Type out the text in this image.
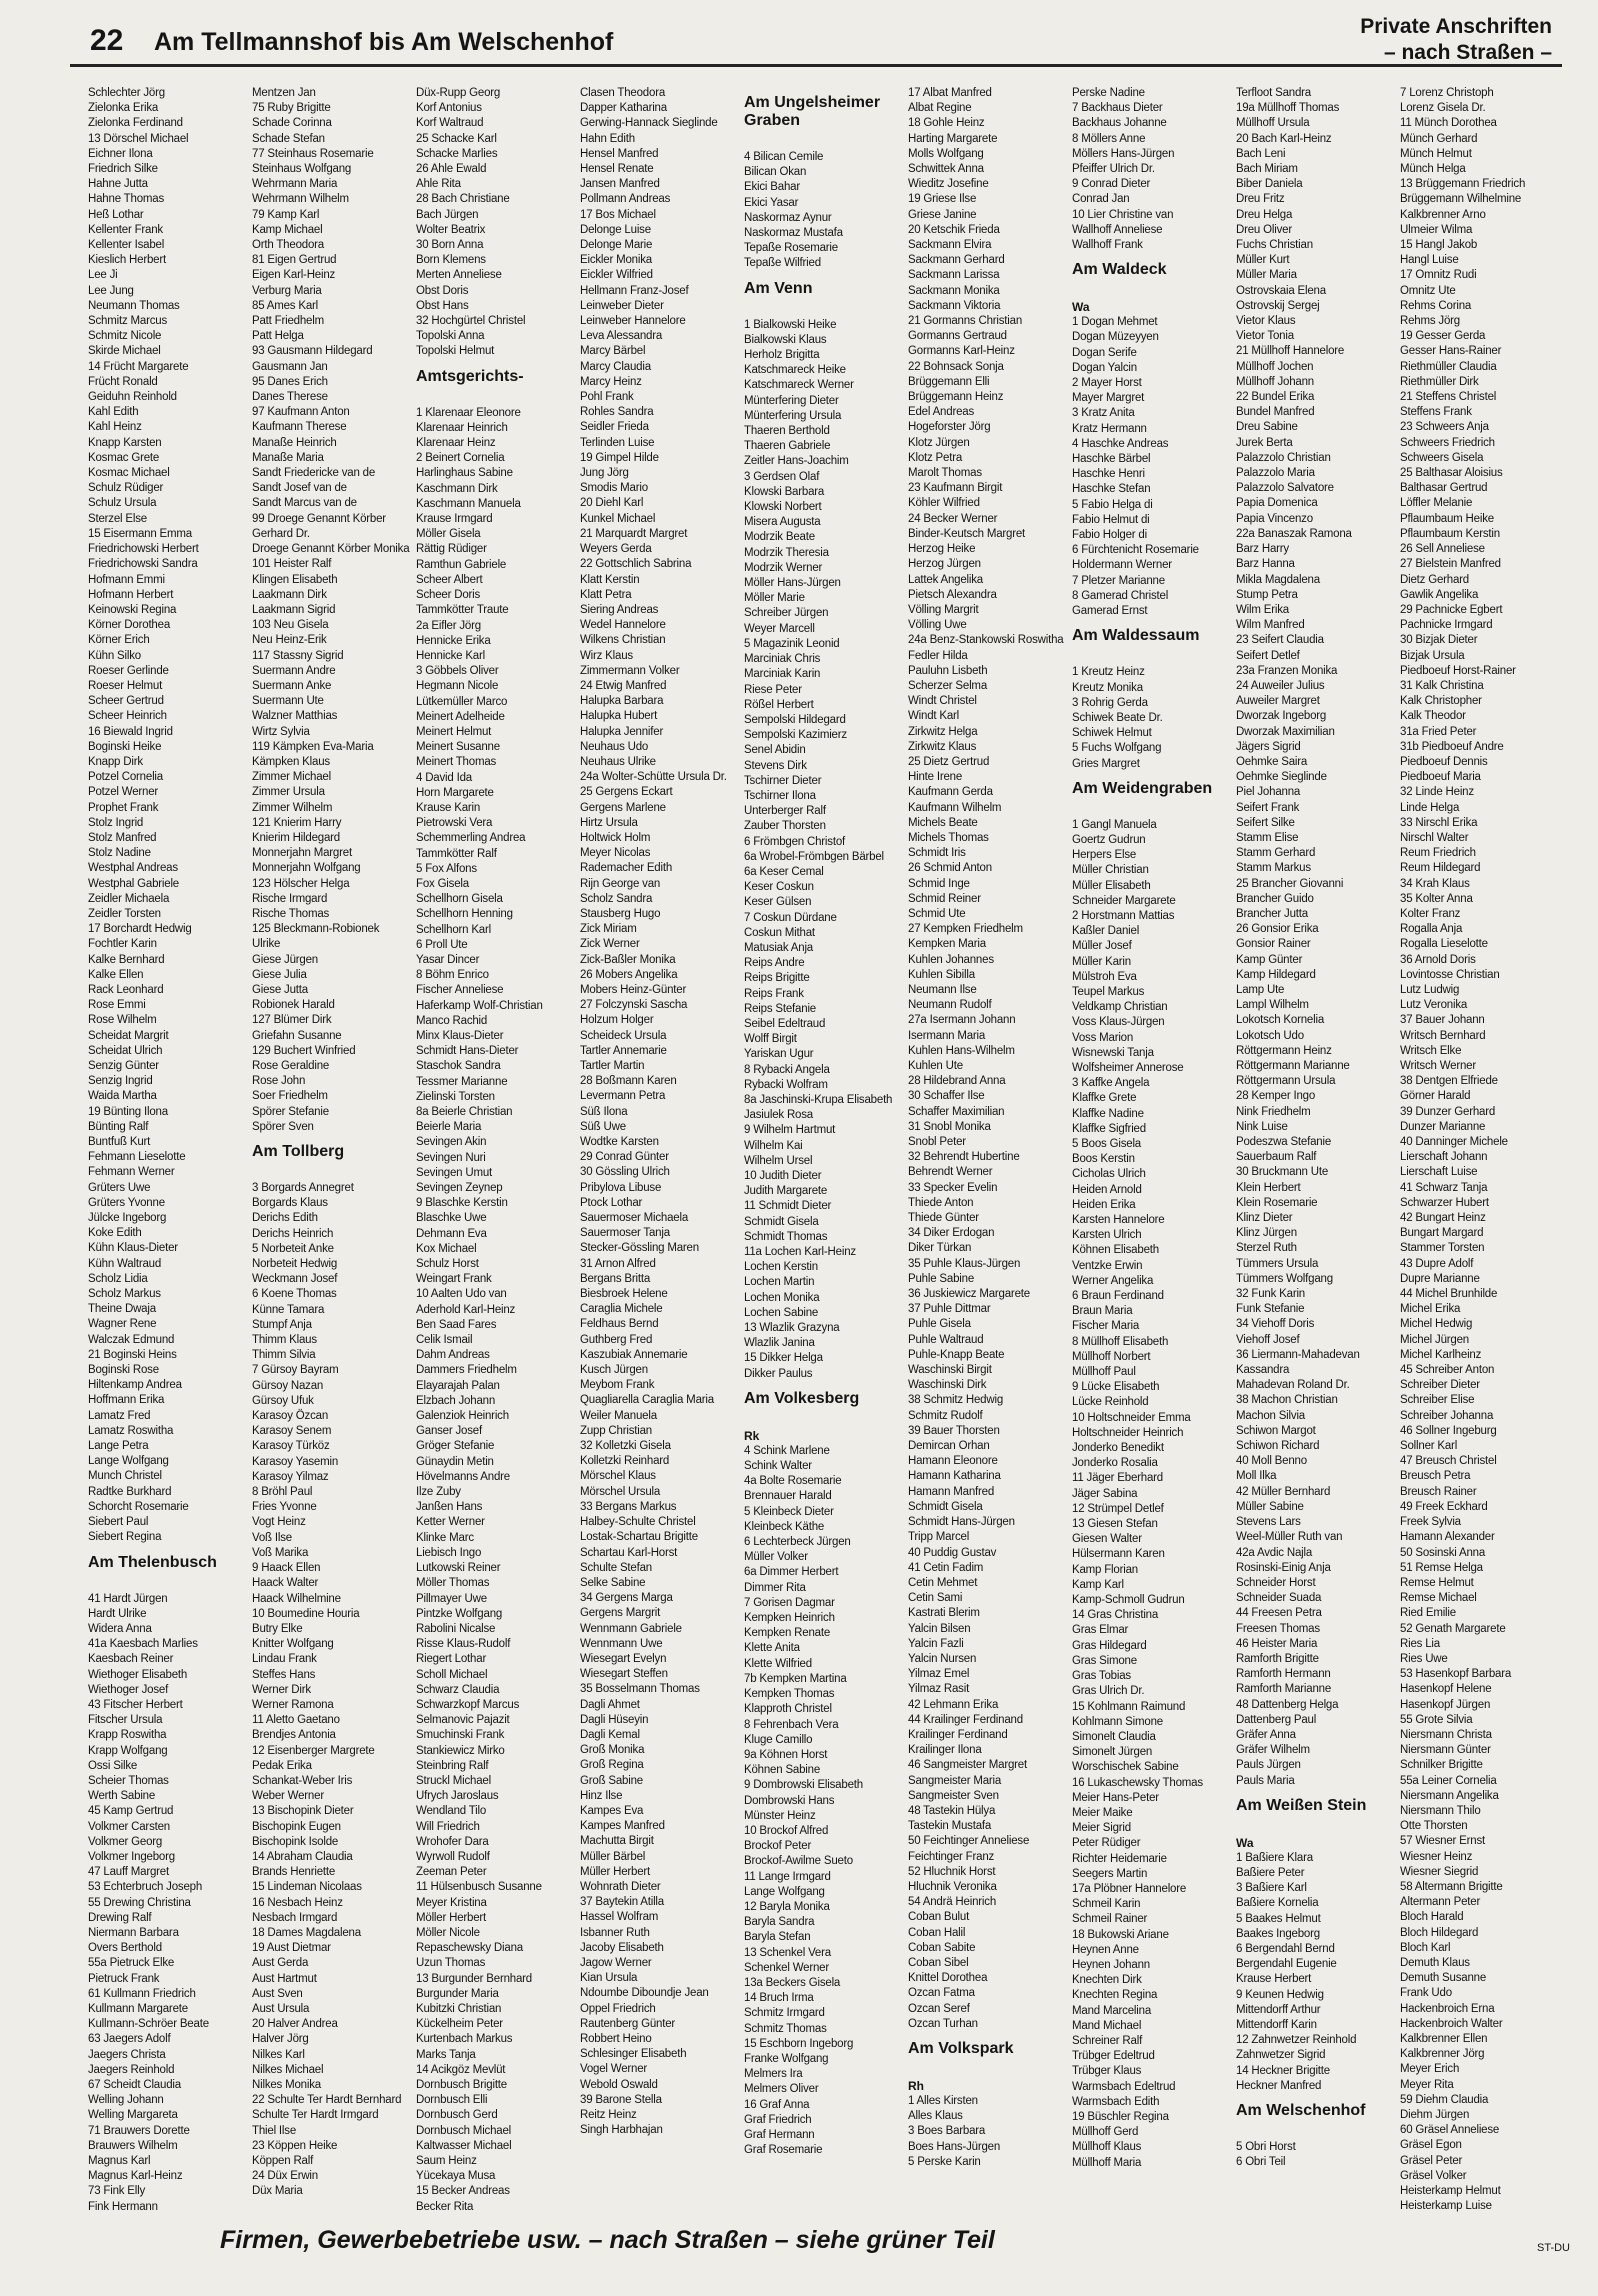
22 Am Tellmannshof bis Am Welschenhof
Private Anschriften
– nach Straßen –
Schlechter Jörg
Zielonka Erika
Zielonka Ferdinand
13 Dörschel Michael
Eichner Ilona
Friedrich Silke
Hahne Jutta
Hahne Thomas
Heß Lothar
Kellenter Frank
Kellenter Isabel
Kieslich Herbert
Lee Ji
Lee Jung
Neumann Thomas
Schmitz Marcus
Schmitz Nicole
Skirde Michael
14 Frücht Margarete
Frücht Ronald
Geiduhn Reinhold
Kahl Edith
Kahl Heinz
Knapp Karsten
Kosmac Grete
Kosmac Michael
Schulz Rüdiger
Schulz Ursula
Sterzel Else
15 Eisermann Emma
Friedrichowski Herbert
Friedrichowski Sandra
Hofmann Emmi
Hofmann Herbert
Keinowski Regina
Körner Dorothea
Körner Erich
Kühn Silko
Roeser Gerlinde
Roeser Helmut
Scheer Gertrud
Scheer Heinrich
16 Biewald Ingrid
Boginski Heike
Knapp Dirk
Potzel Cornelia
Potzel Werner
Prophet Frank
Stolz Ingrid
Stolz Manfred
Stolz Nadine
Westphal Andreas
Westphal Gabriele
Zeidler Michaela
Zeidler Torsten
17 Borchardt Hedwig
Fochtler Karin
Kalke Bernhard
Kalke Ellen
Rack Leonhard
Rose Emmi
Rose Wilhelm
Scheidat Margrit
Scheidat Ulrich
Senzig Günter
Senzig Ingrid
Waida Martha
19 Bünting Ilona
Bünting Ralf
Buntfuß Kurt
Fehmann Lieselotte
Fehmann Werner
Grüters Uwe
Grüters Yvonne
Jülcke Ingeborg
Koke Edith
Kühn Klaus-Dieter
Kühn Waltraud
Scholz Lidia
Scholz Markus
Theine Dwaja
Wagner Rene
Walczak Edmund
21 Boginski Heins
Boginski Rose
Hiltenkamp Andrea
Hoffmann Erika
Lamatz Fred
Lamatz Roswitha
Lange Petra
Lange Wolfgang
Munch Christel
Radtke Burkhard
Schorcht Rosemarie
Siebert Paul
Siebert Regina
Am Thelenbusch
41 Hardt Jürgen
Hardt Ulrike
Widera Anna
41a Kaesbach Marlies
Kaesbach Reiner
Wiethoger Elisabeth
Wiethoger Josef
43 Fitscher Herbert
Fitscher Ursula
Krapp Roswitha
Krapp Wolfgang
Ossi Silke
Scheier Thomas
Werth Sabine
45 Kamp Gertrud
Volkmer Carsten
Volkmer Georg
Volkmer Ingeborg
47 Lauff Margret
53 Echterbruch Joseph
55 Drewing Christina
Drewing Ralf
Niermann Barbara
Overs Berthold
55a Pietruck Elke
Pietruck Frank
61 Kullmann Friedrich
Kullmann Margarete
Kullmann-Schröer Beate
63 Jaegers Adolf
Jaegers Christa
Jaegers Reinhold
67 Scheidt Claudia
Welling Johann
Welling Margareta
71 Brauwers Dorette
Brauwers Wilhelm
Magnus Karl
Magnus Karl-Heinz
73 Fink Elly
Fink Hermann
Mentzen Jan
75 Ruby Brigitte
Schade Corinna
Schade Stefan
77 Steinhaus Rosemarie
Steinhaus Wolfgang
Wehrmann Maria
Wehrmann Wilhelm
79 Kamp Karl
Kamp Michael
Orth Theodora
81 Eigen Gertrud
Eigen Karl-Heinz
Verburg Maria
85 Ames Karl
Patt Friedhelm
Patt Helga
93 Gausmann Hildegard
Gausmann Jan
95 Danes Erich
Danes Therese
97 Kaufmann Anton
Kaufmann Therese
Manaße Heinrich
Manaße Maria
Sandt Friedericke van de
Sandt Josef van de
Sandt Marcus van de
99 Droege Genannt Körber Gerhard Dr.
Droege Genannt Körber Monika
101 Heister Ralf
Klingen Elisabeth
Laakmann Dirk
Laakmann Sigrid
103 Neu Gisela
Neu Heinz-Erik
117 Stassny Sigrid
Suermann Andre
Suermann Anke
Suermann Ute
Walzner Matthias
Wirtz Sylvia
119 Kämpken Eva-Maria
Kämpken Klaus
Zimmer Michael
Zimmer Ursula
Zimmer Wilhelm
121 Knierim Harry
Knierim Hildegard
Monnerjahn Margret
Monnerjahn Wolfgang
123 Hölscher Helga
Rische Irmgard
Rische Thomas
125 Bleckmann-Robionek Ulrike
Giese Jürgen
Giese Julia
Giese Jutta
Robionek Harald
127 Blümer Dirk
Griefahn Susanne
129 Buchert Winfried
Rose Geraldine
Rose John
Soer Friedhelm
Spörer Stefanie
Spörer Sven
Am Tollberg
3 Borgards Annegret
Borgards Klaus
Derichs Edith
Derichs Heinrich
5 Norbeteit Anke
Norbeteit Hedwig
Weckmann Josef
6 Koene Thomas
Künne Tamara
Stumpf Anja
Thimm Klaus
Thimm Silvia
7 Gürsoy Bayram
Gürsoy Nazan
Gürsoy Ufuk
Karasoy Özcan
Karasoy Senem
Karasoy Türköz
Karasoy Yasemin
Karasoy Yilmaz
8 Bröhl Paul
Fries Yvonne
Vogt Heinz
Voß Ilse
Voß Marika
9 Haack Ellen
Haack Walter
Haack Wilhelmine
10 Boumedine Houria
Butry Elke
Knitter Wolfgang
Lindau Frank
Steffes Hans
Werner Dirk
Werner Ramona
11 Aletto Gaetano
Brendjes Antonia
12 Eisenberger Margrete
Pedak Erika
Schankat-Weber Iris
Weber Werner
13 Bischopink Dieter
Bischopink Eugen
Bischopink Isolde
14 Abraham Claudia
Brands Henriette
15 Lindeman Nicolaas
16 Nesbach Heinz
Nesbach Irmgard
18 Dames Magdalena
19 Aust Dietmar
Aust Gerda
Aust Hartmut
Aust Sven
Aust Ursula
20 Halver Andrea
Halver Jörg
Nilkes Karl
Nilkes Michael
Nilkes Monika
22 Schulte Ter Hardt Bernhard
Schulte Ter Hardt Irmgard
Thiel Ilse
23 Köppen Heike
Köppen Ralf
24 Düx Erwin
Düx Maria
Düx-Rupp Georg
Korf Antonius
Korf Waltraud
25 Schacke Karl
Schacke Marlies
26 Ahle Ewald
Ahle Rita
28 Bach Christiane
Bach Jürgen
Wolter Beatrix
30 Born Anna
Born Klemens
Merten Anneliese
Obst Doris
Obst Hans
32 Hochgürtel Christel
Topolski Anna
Topolski Helmut
Amtsgerichts-
1 Klarenaar Eleonore
Klarenaar Heinrich
Klarenaar Heinz
2 Beinert Cornelia
Harlinghaus Sabine
Kaschmann Dirk
Kaschmann Manuela
Krause Irmgard
Möller Gisela
Rättig Rüdiger
Ramthun Gabriele
Scheer Albert
Scheer Doris
Tammkötter Traute
2a Eifler Jörg
Hennicke Erika
Hennicke Karl
3 Göbbels Oliver
Hegmann Nicole
Lütkemüller Marco
Meinert Adelheide
Meinert Helmut
Meinert Susanne
Meinert Thomas
4 David Ida
Horn Margarete
Krause Karin
Pietrowski Vera
Schemmerling Andrea
Tammkötter Ralf
5 Fox Alfons
Fox Gisela
Schellhorn Gisela
Schellhorn Henning
Schellhorn Karl
6 Proll Ute
Yasar Dincer
8 Böhm Enrico
Fischer Anneliese
Haferkamp Wolf-Christian
Manco Rachid
Minx Klaus-Dieter
Schmidt Hans-Dieter
Staschok Sandra
Tessmer Marianne
Zielinski Torsten
8a Beierle Christian
Beierle Maria
Sevingen Akin
Sevingen Nuri
Sevingen Umut
Sevingen Zeynep
9 Blaschke Kerstin
Blaschke Uwe
Dehmann Eva
Kox Michael
Schulz Horst
Weingart Frank
10 Aalten Udo van
Aderhold Karl-Heinz
Ben Saad Fares
Celik Ismail
Dahm Andreas
Dammers Friedhelm
Elayarajah Palan
Elzbach Johann
Galenziok Heinrich
Ganser Josef
Gröger Stefanie
Günaydin Metin
Hövelmanns Andre
Ilze Zuby
Janßen Hans
Ketter Werner
Klinke Marc
Liebisch Ingo
Lutkowski Reiner
Möller Thomas
Pillmayer Uwe
Pintzke Wolfgang
Rabolini Nicalse
Risse Klaus-Rudolf
Riegert Lothar
Scholl Michael
Schwarz Claudia
Schwarzkopf Marcus
Selmanovic Pajazit
Smuchinski Frank
Stankiewicz Mirko
Steinbring Ralf
Struckl Michael
Ufrych Jaroslaus
Wendland Tilo
Will Friedrich
Wrohofer Dara
Wyrwoll Rudolf
Zeeman Peter
11 Hülsenbusch Susanne
Meyer Kristina
Möller Herbert
Möller Nicole
Repaschewsky Diana
Uzun Thomas
13 Burgunder Bernhard
Burgunder Maria
Kubitzki Christian
Kückelheim Peter
Kurtenbach Markus
Marks Tanja
14 Acikgöz Mevlüt
Dornbusch Brigitte
Dornbusch Elli
Dornbusch Gerd
Dornbusch Michael
Kaltwasser Michael
Saum Heinz
Yücekaya Musa
15 Becker Andreas
Becker Rita
Clasen Theodora
Dapper Katharina
Gerwing-Hannack Sieglinde
Hahn Edith
Hensel Manfred
Hensel Renate
Jansen Manfred
Pollmann Andreas
17 Bos Michael
Delonge Luise
Delonge Marie
Eickler Monika
Eickler Wilfried
Hellmann Franz-Josef
Leinweber Dieter
Leinweber Hannelore
Leva Alessandra
Marcy Bärbel
Marcy Claudia
Marcy Heinz
Pohl Frank
Rohles Sandra
Seidler Frieda
Terlinden Luise
19 Gimpel Hilde
Jung Jörg
Smodis Mario
20 Diehl Karl
Kunkel Michael
21 Marquardt Margret
Weyers Gerda
22 Gottschlich Sabrina
Klatt Kerstin
Klatt Petra
Siering Andreas
Wedel Hannelore
Wilkens Christian
Wirz Klaus
Zimmermann Volker
24 Etwig Manfred
Halupka Barbara
Halupka Hubert
Halupka Jennifer
Neuhaus Udo
Neuhaus Ulrike
24a Wolter-Schütte Ursula Dr.
25 Gergens Eckart
Gergens Marlene
Hirtz Ursula
Holtwick Holm
Meyer Nicolas
Rademacher Edith
Rijn George van
Scholz Sandra
Stausberg Hugo
Zick Miriam
Zick Werner
Zick-Baßler Monika
26 Mobers Angelika
Mobers Heinz-Günter
27 Folczynski Sascha
Holzum Holger
Scheideck Ursula
Tartler Annemarie
Tartler Martin
28 Boßmann Karen
Levermann Petra
Süß Ilona
Süß Uwe
Wodtke Karsten
29 Conrad Günter
30 Gössling Ulrich
Pribylova Libuse
Ptock Lothar
Sauermoser Michaela
Sauermoser Tanja
Stecker-Gössling Maren
31 Arnon Alfred
Bergans Britta
Biesbroek Helene
Caraglia Michele
Feldhaus Bernd
Guthberg Fred
Kaszubiak Annemarie
Kusch Jürgen
Meybom Frank
Quagliarella Caraglia Maria
Weiler Manuela
Zupp Christian
32 Kolletzki Gisela
Kolletzki Reinhard
Mörschel Klaus
Mörschel Ursula
33 Bergans Markus
Halbey-Schulte Christel
Lostak-Schartau Brigitte
Schartau Karl-Horst
Schulte Stefan
Selke Sabine
34 Gergens Marga
Gergens Margrit
Wennmann Gabriele
Wennmann Uwe
Wiesegart Evelyn
Wiesegart Steffen
35 Bosselmann Thomas
Dagli Ahmet
Dagli Hüseyin
Dagli Kemal
Groß Monika
Groß Regina
Groß Sabine
Hinz Ilse
Kampes Eva
Kampes Manfred
Machutta Birgit
Müller Bärbel
Müller Herbert
Wohnrath Dieter
37 Baytekin Atilla
Hassel Wolfram
Isbanner Ruth
Jacoby Elisabeth
Jagow Werner
Kian Ursula
Ndoumbe Diboundje Jean
Oppel Friedrich
Rautenberg Günter
Robbert Heino
Schlesinger Elisabeth
Vogel Werner
Webold Oswald
39 Barone Stella
Reitz Heinz
Singh Harbhajan
Am Ungelsheimer Graben
4 Bilican Cemile
Bilican Okan
Ekici Bahar
Ekici Yasar
Naskormaz Aynur
Naskormaz Mustafa
Tepaße Rosemarie
Tepaße Wilfried
Am Venn
1 Bialkowski Heike
Bialkowski Klaus
Herholz Brigitta
Katschmareck Heike
Katschmareck Werner
Münterfering Dieter
Münterfering Ursula
Thaeren Berthold
Thaeren Gabriele
Zeitler Hans-Joachim
3 Gerdsen Olaf
Klowski Barbara
Klowski Norbert
Misera Augusta
Modrzik Beate
Modrzik Theresia
Modrzik Werner
Möller Hans-Jürgen
Möller Marie
Schreiber Jürgen
Weyer Marcell
5 Magazinik Leonid
Marciniak Chris
Marciniak Karin
Riese Peter
Rößel Herbert
Sempolski Hildegard
Sempolski Kazimierz
Senel Abidin
Stevens Dirk
Tschirner Dieter
Tschirner Ilona
Unterberger Ralf
Zauber Thorsten
6 Frömbgen Christof
6a Wrobel-Frömbgen Bärbel
6a Keser Cemal
Keser Coskun
Keser Gülsen
7 Coskun Dürdane
Coskun Mithat
Matusiak Anja
Reips Andre
Reips Brigitte
Reips Frank
Reips Stefanie
Seibel Edeltraud
Wolff Birgit
Yariskan Ugur
8 Rybacki Angela
Rybacki Wolfram
8a Jaschinski-Krupa Elisabeth
Jasiulek Rosa
9 Wilhelm Hartmut
Wilhelm Kai
Wilhelm Ursel
10 Judith Dieter
Judith Margarete
11 Schmidt Dieter
Schmidt Gisela
Schmidt Thomas
11a Lochen Karl-Heinz
Lochen Kerstin
Lochen Martin
Lochen Monika
Lochen Sabine
13 Wlazlik Grazyna
Wlazlik Janina
15 Dikker Helga
Dikker Paulus
Am Volkesberg
Rk
4 Schink Marlene
Schink Walter
4a Bolte Rosemarie
Brennauer Harald
5 Kleinbeck Dieter
Kleinbeck Käthe
6 Lechterbeck Jürgen
Müller Volker
6a Dimmer Herbert
Dimmer Rita
7 Gorisen Dagmar
Kempken Heinrich
Kempken Renate
Klette Anita
Klette Wilfried
7b Kempken Martina
Kempken Thomas
Klapproth Christel
8 Fehrenbach Vera
Kluge Camillo
9a Köhnen Horst
Köhnen Sabine
9 Dombrowski Elisabeth
Dombrowski Hans
Münster Heinz
10 Brockof Alfred
Brockof Peter
Brockof-Awilme Sueto
11 Lange Irmgard
Lange Wolfgang
12 Baryla Monika
Baryla Sandra
Baryla Stefan
13 Schenkel Vera
Schenkel Werner
13a Beckers Gisela
14 Bruch Irma
Schmitz Irmgard
Schmitz Thomas
15 Eschborn Ingeborg
Franke Wolfgang
Melmers Ira
Melmers Oliver
16 Graf Anna
Graf Friedrich
Graf Hermann
Graf Rosemarie
17 Albat Manfred
Albat Regine
18 Gohle Heinz
Harting Margarete
Molls Wolfgang
Schwittek Anna
Wieditz Josefine
19 Griese Ilse
Griese Janine
20 Ketschik Frieda
Sackmann Elvira
Sackmann Gerhard
Sackmann Larissa
Sackmann Monika
Sackmann Viktoria
21 Gormanns Christian
Gormanns Gertraud
Gormanns Karl-Heinz
22 Bohnsack Sonja
Brüggemann Elli
Brüggemann Heinz
Edel Andreas
Hogeforster Jörg
Klotz Jürgen
Klotz Petra
Marolt Thomas
23 Kaufmann Birgit
Köhler Wilfried
24 Becker Werner
Binder-Keutsch Margret
Herzog Heike
Herzog Jürgen
Lattek Angelika
Pietsch Alexandra
Völling Margrit
Völling Uwe
24a Benz-Stankowski Roswitha
Fedler Hilda
Pauluhn Lisbeth
Scherzer Selma
Windt Christel
Windt Karl
Zirkwitz Helga
Zirkwitz Klaus
25 Dietz Gertrud
Hinte Irene
Kaufmann Gerda
Kaufmann Wilhelm
Michels Beate
Michels Thomas
Schmidt Iris
26 Schmid Anton
Schmid Inge
Schmid Reiner
Schmid Ute
27 Kempken Friedhelm
Kempken Maria
Kuhlen Johannes
Kuhlen Sibilla
Neumann Ilse
Neumann Rudolf
27a Isermann Johann
Isermann Maria
Kuhlen Hans-Wilhelm
Kuhlen Ute
28 Hildebrand Anna
30 Schaffer Ilse
Schaffer Maximilian
31 Snobl Monika
Snobl Peter
32 Behrendt Hubertine
Behrendt Werner
33 Specker Evelin
Thiede Anton
Thiede Günter
34 Diker Erdogan
Diker Türkan
35 Puhle Klaus-Jürgen
Puhle Sabine
36 Juskiewicz Margarete
37 Puhle Dittmar
Puhle Gisela
Puhle Waltraud
Puhle-Knapp Beate
Waschinski Birgit
Waschinski Dirk
38 Schmitz Hedwig
Schmitz Rudolf
39 Bauer Thorsten
Demircan Orhan
Hamann Eleonore
Hamann Katharina
Hamann Manfred
Schmidt Gisela
Schmidt Hans-Jürgen
Tripp Marcel
40 Puddig Gustav
41 Cetin Fadim
Cetin Mehmet
Cetin Sami
Kastrati Blerim
Yalcin Bilsen
Yalcin Fazli
Yalcin Nursen
Yilmaz Emel
Yilmaz Rasit
42 Lehmann Erika
44 Krailinger Ferdinand
Krailinger Ferdinand
Krailinger Ilona
46 Sangmeister Margret
Sangmeister Maria
Sangmeister Sven
48 Tastekin Hülya
Tastekin Mustafa
50 Feichtinger Anneliese
Feichtinger Franz
52 Hluchnik Horst
Hluchnik Veronika
54 Andrä Heinrich
Coban Bulut
Coban Halil
Coban Sabite
Coban Sibel
Knittel Dorothea
Ozcan Fatma
Ozcan Seref
Ozcan Turhan
Am Volkspark
Rh
1 Alles Kirsten
Alles Klaus
3 Boes Barbara
Boes Hans-Jürgen
5 Perske Karin
Perske Nadine
7 Backhaus Dieter
Backhaus Johanne
8 Möllers Anne
Möllers Hans-Jürgen
Pfeiffer Ulrich Dr.
9 Conrad Dieter
Conrad Jan
10 Lier Christine van
Wallhoff Anneliese
Wallhoff Frank
Am Waldeck
Wa
1 Dogan Mehmet
Dogan Müzeyyen
Dogan Serife
Dogan Yalcin
2 Mayer Horst
Mayer Margret
3 Kratz Anita
Kratz Hermann
4 Haschke Andreas
Haschke Bärbel
Haschke Henri
Haschke Stefan
5 Fabio Helga di
Fabio Helmut di
Fabio Holger di
6 Fürchtenicht Rosemarie
Holdermann Werner
7 Pletzer Marianne
8 Gamerad Christel
Gamerad Ernst
Am Waldessaum
1 Kreutz Heinz
Kreutz Monika
3 Rohrig Gerda
Schiwek Beate Dr.
Schiwek Helmut
5 Fuchs Wolfgang
Gries Margret
Am Weidengraben
1 Gangl Manuela
Goertz Gudrun
Herpers Else
Müller Christian
Müller Elisabeth
Schneider Margarete
2 Horstmann Mattias
Kaßler Daniel
Müller Josef
Müller Karin
Mülstroh Eva
Teupel Markus
Veldkamp Christian
Voss Klaus-Jürgen
Voss Marion
Wisnewski Tanja
Wolfsheimer Annerose
3 Kaffke Angela
Klaffke Grete
Klaffke Nadine
Klaffke Sigfried
5 Boos Gisela
Boos Kerstin
Cicholas Ulrich
Heiden Arnold
Heiden Erika
Karsten Hannelore
Karsten Ulrich
Köhnen Elisabeth
Ventzke Erwin
Werner Angelika
6 Braun Ferdinand
Braun Maria
Fischer Maria
8 Müllhoff Elisabeth
Müllhoff Norbert
Müllhoff Paul
9 Lücke Elisabeth
Lücke Reinhold
10 Holtschneider Emma
Holtschneider Heinrich
Jonderko Benedikt
Jonderko Rosalia
11 Jäger Eberhard
Jäger Sabina
12 Strümpel Detlef
13 Giesen Stefan
Giesen Walter
Hülsermann Karen
Kamp Florian
Kamp Karl
Kamp-Schmoll Gudrun
14 Gras Christina
Gras Elmar
Gras Hildegard
Gras Simone
Gras Tobias
Gras Ulrich Dr.
15 Kohlmann Raimund
Kohlmann Simone
Simonelt Claudia
Simonelt Jürgen
Worschischek Sabine
16 Lukaschewsky Thomas
Meier Hans-Peter
Meier Maike
Meier Sigrid
Peter Rüdiger
Richter Heidemarie
Seegers Martin
17a Plöbner Hannelore
Schmeil Karin
Schmeil Rainer
18 Bukowski Ariane
Heynen Anne
Heynen Johann
Knechten Dirk
Knechten Regina
Mand Marcelina
Mand Michael
Schreiner Ralf
Trübger Edeltrud
Trübger Klaus
Warmsbach Edeltrud
Warmsbach Edith
19 Büschler Regina
Müllhoff Gerd
Müllhoff Klaus
Müllhoff Maria
Terfloot Sandra
19a Müllhoff Thomas
Müllhoff Ursula
20 Bach Karl-Heinz
Bach Leni
Bach Miriam
Biber Daniela
Dreu Fritz
Dreu Helga
Dreu Oliver
Fuchs Christian
Müller Kurt
Müller Maria
Ostrovskaia Elena
Ostrovskij Sergej
Vietor Klaus
Vietor Tonia
21 Müllhoff Hannelore
Müllhoff Jochen
Müllhoff Johann
22 Bundel Erika
Bundel Manfred
Dreu Sabine
Jurek Berta
Palazzolo Christian
Palazzolo Maria
Palazzolo Salvatore
Papia Domenica
Papia Vincenzo
22a Banaszak Ramona
Barz Harry
Barz Hanna
Mikla Magdalena
Stump Petra
Wilm Erika
Wilm Manfred
23 Seifert Claudia
Seifert Detlef
23a Franzen Monika
24 Auweiler Julius
Auweiler Margret
Dworzak Ingeborg
Dworzak Maximilian
Jägers Sigrid
Oehmke Saira
Oehmke Sieglinde
Piel Johanna
Seifert Frank
Seifert Silke
Stamm Elise
Stamm Gerhard
Stamm Markus
25 Brancher Giovanni
Brancher Guido
Brancher Jutta
26 Gonsior Erika
Gonsior Rainer
Kamp Günter
Kamp Hildegard
Lamp Ute
Lampl Wilhelm
Lokotsch Kornelia
Lokotsch Udo
Röttgermann Heinz
Röttgermann Marianne
Röttgermann Ursula
28 Kemper Ingo
Nink Friedhelm
Nink Luise
Podeszwa Stefanie
Sauerbaum Ralf
30 Bruckmann Ute
Klein Herbert
Klein Rosemarie
Klinz Dieter
Klinz Jürgen
Sterzel Ruth
Tümmers Ursula
Tümmers Wolfgang
32 Funk Karin
Funk Stefanie
34 Viehoff Doris
Viehoff Josef
36 Liermann-Mahadevan Kassandra
Mahadevan Roland Dr.
38 Machon Christian
Machon Silvia
Schiwon Margot
Schiwon Richard
40 Moll Benno
Moll Ilka
42 Müller Bernhard
Müller Sabine
Stevens Lars
Weel-Müller Ruth van
42a Avdic Najla
Rosinski-Einig Anja
Schneider Horst
Schneider Suada
44 Freesen Petra
Freesen Thomas
46 Heister Maria
Ramforth Brigitte
Ramforth Hermann
Ramforth Marianne
48 Dattenberg Helga
Dattenberg Paul
Gräfer Anna
Gräfer Wilhelm
Pauls Jürgen
Pauls Maria
Am Weißen Stein
Wa
1 Baßiere Klara
Baßiere Peter
3 Baßiere Karl
Baßiere Kornelia
5 Baakes Helmut
Baakes Ingeborg
6 Bergendahl Bernd
Bergendahl Eugenie
Krause Herbert
9 Keunen Hedwig
Mittendorff Arthur
Mittendorff Karin
12 Zahnwetzer Reinhold
Zahnwetzer Sigrid
14 Heckner Brigitte
Heckner Manfred
Am Welschenhof
5 Obri Horst
6 Obri Teil
7 Lorenz Christoph
Lorenz Gisela Dr.
11 Münch Dorothea
Münch Gerhard
Münch Helmut
Münch Helga
13 Brüggemann Friedrich
Brüggemann Wilhelmine
Kalkbrenner Arno
Ulmeier Wilma
15 Hangl Jakob
Hangl Luise
17 Omnitz Rudi
Omnitz Ute
Rehms Corina
Rehms Jörg
19 Gesser Gerda
Gesser Hans-Rainer
Riethmüller Claudia
Riethmüller Dirk
21 Steffens Christel
Steffens Frank
23 Schweers Anja
Schweers Friedrich
Schweers Gisela
25 Balthasar Aloisius
Balthasar Gertrud
Löffler Melanie
Pflaumbaum Heike
Pflaumbaum Kerstin
26 Sell Anneliese
27 Bielstein Manfred
Dietz Gerhard
Gawlik Angelika
29 Pachnicke Egbert
Pachnicke Irmgard
30 Bizjak Dieter
Bizjak Ursula
Piedboeuf Horst-Rainer
31 Kalk Christina
Kalk Christopher
Kalk Theodor
31a Fried Peter
31b Piedboeuf Andre
Piedboeuf Dennis
Piedboeuf Maria
32 Linde Heinz
Linde Helga
33 Nirschl Erika
Nirschl Walter
Reum Friedrich
Reum Hildegard
34 Krah Klaus
35 Kolter Anna
Kolter Franz
Rogalla Anja
Rogalla Lieselotte
36 Arnold Doris
Lovintosse Christian
Lutz Ludwig
Lutz Veronika
37 Bauer Johann
Writsch Bernhard
Writsch Elke
Writsch Werner
38 Dentgen Elfriede
Görner Harald
39 Dunzer Gerhard
Dunzer Marianne
40 Danninger Michele
Lierschaft Johann
Lierschaft Luise
41 Schwarz Tanja
Schwarzer Hubert
42 Bungart Heinz
Bungart Margard
Stammer Torsten
43 Dupre Adolf
Dupre Marianne
44 Michel Brunhilde
Michel Erika
Michel Hedwig
Michel Jürgen
Michel Karlheinz
45 Schreiber Anton
Schreiber Dieter
Schreiber Elise
Schreiber Johanna
46 Sollner Ingeburg
Sollner Karl
47 Breusch Christel
Breusch Petra
Breusch Rainer
49 Freek Eckhard
Freek Sylvia
Hamann Alexander
50 Sosinski Anna
51 Remse Helga
Remse Helmut
Remse Michael
Ried Emilie
52 Genath Margarete
Ries Lia
Ries Uwe
53 Hasenkopf Barbara
Hasenkopf Helene
Hasenkopf Jürgen
55 Grote Silvia
Niersmann Christa
Niersmann Günter
Schnilker Brigitte
55a Leiner Cornelia
Niersmann Angelika
Niersmann Thilo
Otte Thorsten
57 Wiesner Ernst
Wiesner Heinz
Wiesner Siegrid
58 Altermann Brigitte
Altermann Peter
Bloch Harald
Bloch Hildegard
Bloch Karl
Demuth Klaus
Demuth Susanne
Frank Udo
Hackenbroich Erna
Hackenbroich Walter
Kalkbrenner Ellen
Kalkbrenner Jörg
Meyer Erich
Meyer Rita
59 Diehm Claudia
Diehm Jürgen
60 Gräsel Anneliese
Gräsel Egon
Gräsel Peter
Gräsel Volker
Heisterkamp Helmut
Heisterkamp Luise
Firmen, Gewerbebetriebe usw. – nach Straßen – siehe grüner Teil	ST-DU
